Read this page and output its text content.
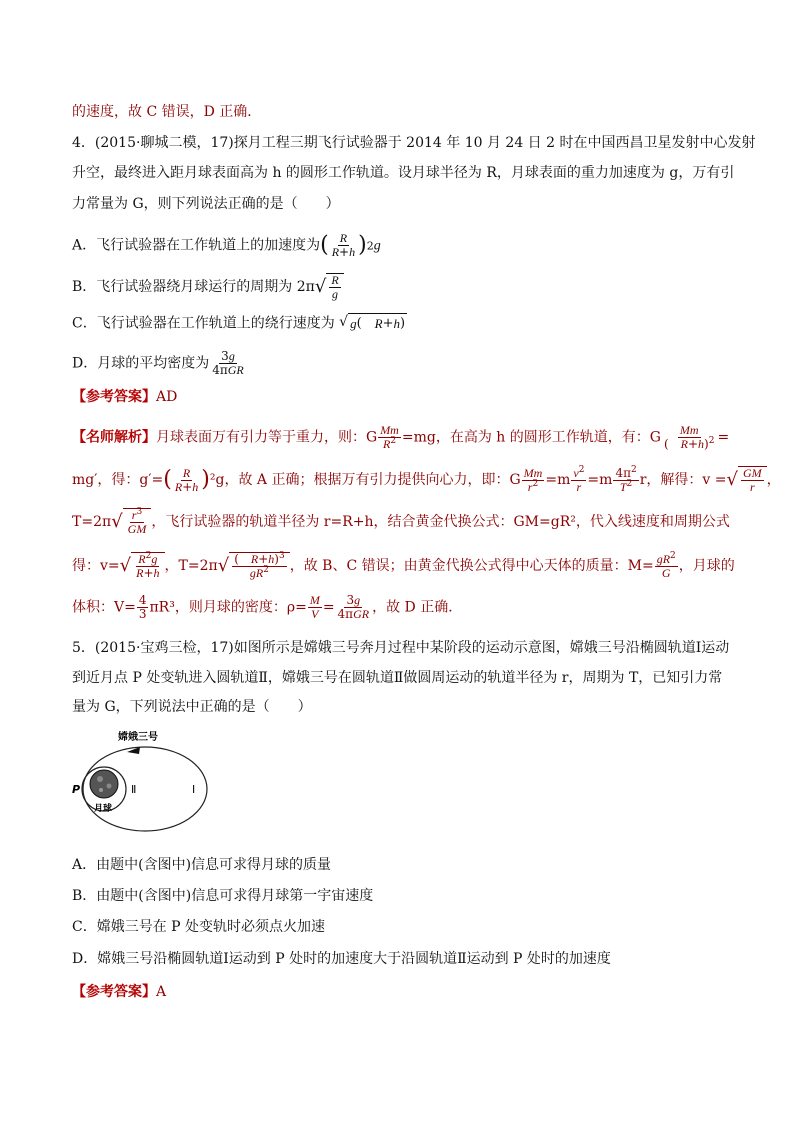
的速度，故 C 错误，D 正确．
4．(2015·聊城二模，17)探月工程三期飞行试验器于 2014 年 10 月 24 日 2 时在中国西昌卫星发射中心发射
升空，最终进入距月球表面高为 h 的圆形工作轨道。设月球半径为 R，月球表面的重力加速度为 g，万有引
力常量为 G，则下列说法正确的是（　　）
A．飞行试验器在工作轨道上的加速度为( $\frac{R}{R+h} )2g$
B．飞行试验器绕月球运行的周期为 2π √ $\frac{R}{g}$
C．飞行试验器在工作轨道上的绕行速度为 √ g (　 R + h )
D．月球的平均密度为 $\frac{3g}{\text{4πGR}}$
【参考答案】AD
【名师解析】月球表面万有引力等于重力，则：G $\frac{Mm}{R^2} =mg$，在高为 h 的圆形工作轨道，有：G $\frac{Mm}{( R+h)^2}$ =
mg′，得：$g'=( \frac{R}{R+h} )^2g$，故 A 正确；根据万有引力提供向心力，即：G $\frac{Mm}{r^2} =m \frac{v^2}{r} =m \frac{4\pi^2}{T^2}$ r，解得：v = √ $\frac{GM}{r}$ ，
T=2π √ $\frac{r^3}{GM}$ ，飞行试验器的轨道半径为 r=R+h，结合黄金代换公式：GM=gR²，代入线速度和周期公式
得：v= √ $\frac{R^2g}{R+h}$ ，T=2π √ $\frac{( R+h)^3}{gR^2}$ ，故 B、C 错误；由黄金代换公式得中心天体的质量：$M= \frac{gR^2}{G}$ ，月球的
体积：$V= \frac{4}{3} \pi R^3$，则月球的密度：$\rho= \frac{M}{V} = \frac{3g}{\text{4πGR}}$ ，故 D 正确．
5．(2015·宝鸡三检，17)如图所示是嫦娥三号奔月过程中某阶段的运动示意图，嫦娥三号沿椭圆轨道Ⅰ运动
到近月点 P 处变轨进入圆轨道Ⅱ，嫦娥三号在圆轨道Ⅱ做圆周运动的轨道半径为 r，周期为 T，已知引力常
量为 G，下列说法中正确的是（　　）
嫦娥三号
月球
P	Ⅱ	Ⅰ
A．由题中(含图中)信息可求得月球的质量
B．由题中(含图中)信息可求得月球第一宇宙速度
C．嫦娥三号在 P 处变轨时必须点火加速
D．嫦娥三号沿椭圆轨道Ⅰ运动到 P 处时的加速度大于沿圆轨道Ⅱ运动到 P 处时的加速度
【参考答案】A
